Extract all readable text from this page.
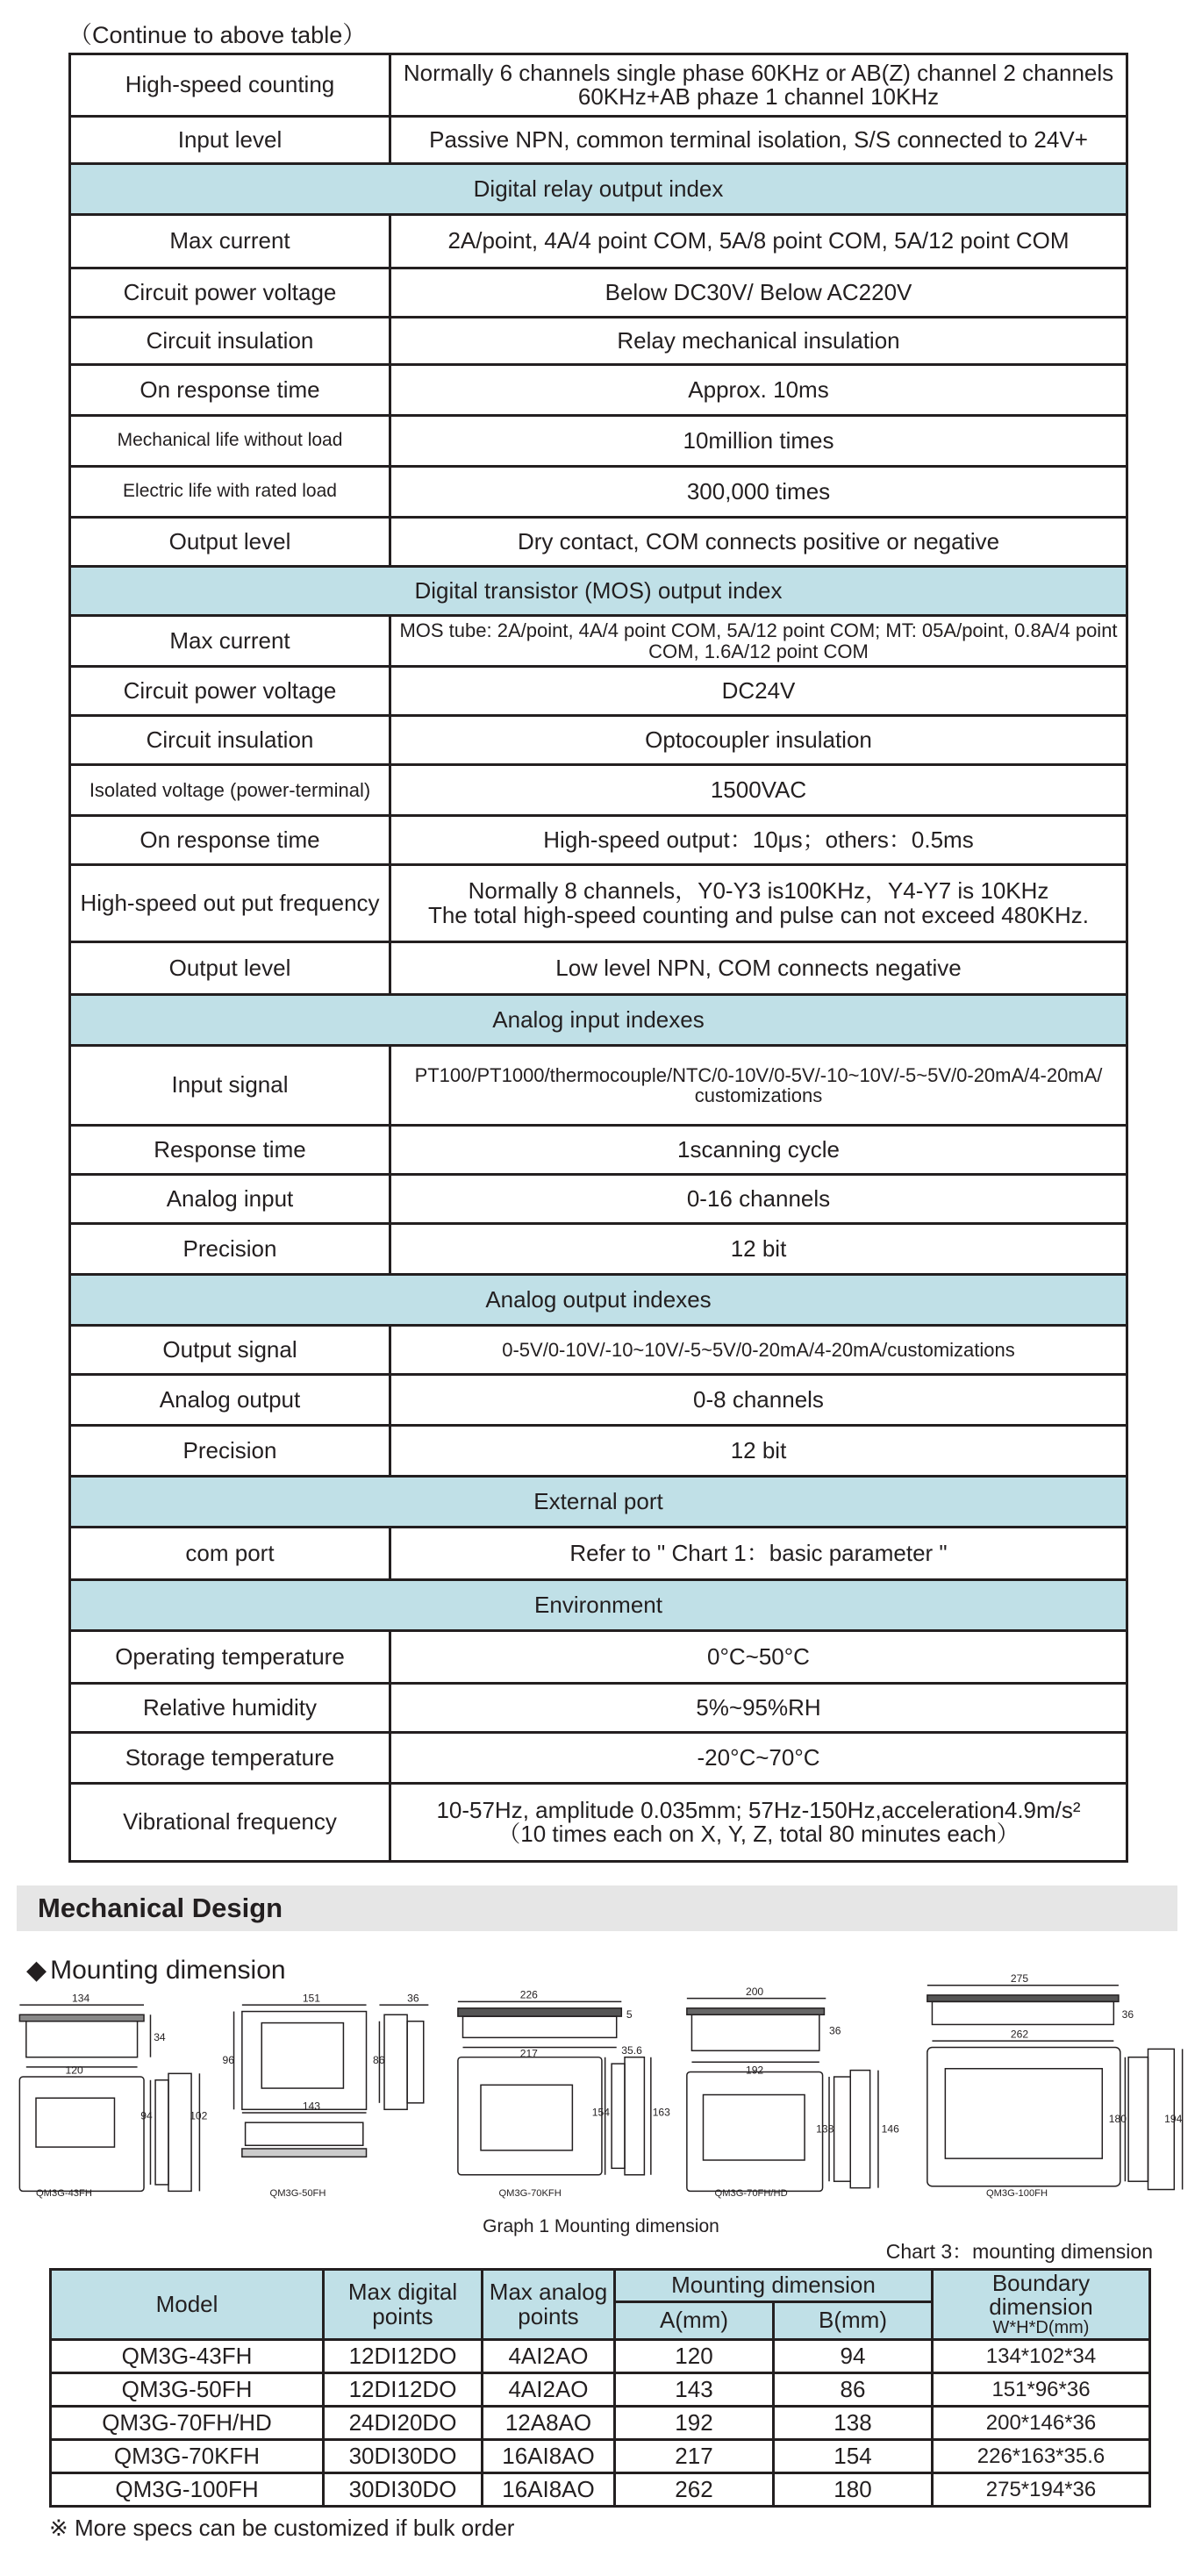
（Continue to above table）
High-speed counting	Normally 6 channels single phase 60KHz or AB(Z) channel 2 channels 60KHz+AB phaze 1 channel 10KHz

Input level	Passive NPN, common terminal isolation, S/S connected to 24V+

Digital relay output index	
Max current	2A/point, 4A/4 point COM, 5A/8 point COM, 5A/12 point COM

Circuit power voltage	Below DC30V/ Below AC220V

Circuit insulation	Relay mechanical insulation

On response time	Approx. 10ms

Mechanical life without load	10million times

Electric life with rated load	300,000 times

Output level	Dry contact, COM connects positive or negative

Digital transistor (MOS) output index	
Max current	MOS tube: 2A/point, 4A/4 point COM, 5A/12 point COM; MT: 05A/point, 0.8A/4 point COM, 1.6A/12 point COM

Circuit power voltage	DC24V

Circuit insulation	Optocoupler insulation

Isolated voltage (power-terminal)	1500VAC

On response time	High-speed output：10μs；others：0.5ms

High-speed out put frequency	Normally 8 channels，Y0-Y3 is100KHz，Y4-Y7 is 10KHz
The total high-speed counting and pulse can not exceed 480KHz.

Output level	Low level NPN, COM connects negative

Analog input indexes	
Input signal	PT100/PT1000/thermocouple/NTC/0-10V/0-5V/-10~10V/-5~5V/0-20mA/4-20mA/ customizations

Response time	1scanning cycle

Analog input	0-16 channels

Precision	12 bit

Analog output indexes	
Output signal	0-5V/0-10V/-10~10V/-5~5V/0-20mA/4-20mA/customizations

Analog output	0-8 channels

Precision	12 bit

External port	
com port	Refer to " Chart 1：basic parameter "

Environment	
Operating temperature	0°C~50°C

Relative humidity	5%~95%RH

Storage temperature	-20°C~70°C

Vibrational frequency	10-57Hz, amplitude 0.035mm; 57Hz-150Hz,acceleration4.9m/s²
（10 times each on X, Y, Z, total 80 minutes each）
Mechanical Design
◆ Mounting dimension
134
34
120
94	102
151
96
36
86
143
226
217	35.6
154	163
5
200
36
192
138	146
275
36
262
180	194
QM3G-43FH	QM3G-50FH	QM3G-70KFH	QM3G-70FH/HD	QM3G-100FH
Graph 1 Mounting dimension
Chart 3：mounting dimension
Model	Max digital points	Max analog points	Mounting dimension		Boundary dimension
W*H*D(mm)

			A(mm)	B(mm)	
QM3G-43FH	12DI12DO	4AI2AO	120	94	134*102*34
QM3G-50FH	12DI12DO	4AI2AO	143	86	151*96*36
QM3G-70FH/HD	24DI20DO	12A8AO	192	138	200*146*36
QM3G-70KFH	30DI30DO	16AI8AO	217	154	226*163*35.6
QM3G-100FH	30DI30DO	16AI8AO	262	180	275*194*36
※ More specs can be customized if bulk order
